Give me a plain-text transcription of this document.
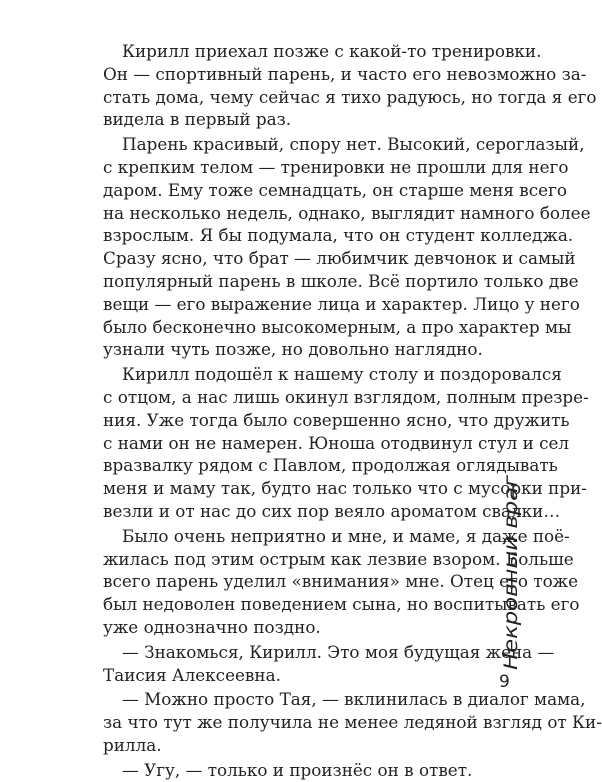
Кирилл приехал позже с какой-то тренировки.
Он — спортивный парень, и часто его невозможно за-
стать дома, чему сейчас я тихо радуюсь, но тогда я его
видела в первый раз.
Парень красивый, спору нет. Высокий, сероглазый,
с крепким телом — тренировки не прошли для него
даром. Ему тоже семнадцать, он старше меня всего
на несколько недель, однако, выглядит намного более
взрослым. Я бы подумала, что он студент колледжа.
Сразу ясно, что брат — любимчик девчонок и самый
популярный парень в школе. Всё портило только две
вещи — его выражение лица и характер. Лицо у него
было бесконечно высокомерным, а про характер мы
узнали чуть позже, но довольно наглядно.
Кирилл подошёл к нашему столу и поздоровался
с отцом, а нас лишь окинул взглядом, полным презре-
ния. Уже тогда было совершенно ясно, что дружить
с нами он не намерен. Юноша отодвинул стул и сел
вразвалку рядом с Павлом, продолжая оглядывать
меня и маму так, будто нас только что с мусорки при-
везли и от нас до сих пор веяло ароматом свалки…
Было очень неприятно и мне, и маме, я даже поё-
жилась под этим острым как лезвие взором. Больше
всего парень уделил «внимания» мне. Отец его тоже
был недоволен поведением сына, но воспитывать его
уже однозначно поздно.
— Знакомься, Кирилл. Это моя будущая жена —
Таисия Алексеевна.
— Можно просто Тая, — вклинилась в диалог мама,
за что тут же получила не менее ледяной взгляд от Ки-
рилла.
— Угу, — только и произнёс он в ответ.
Некровный враг
9
